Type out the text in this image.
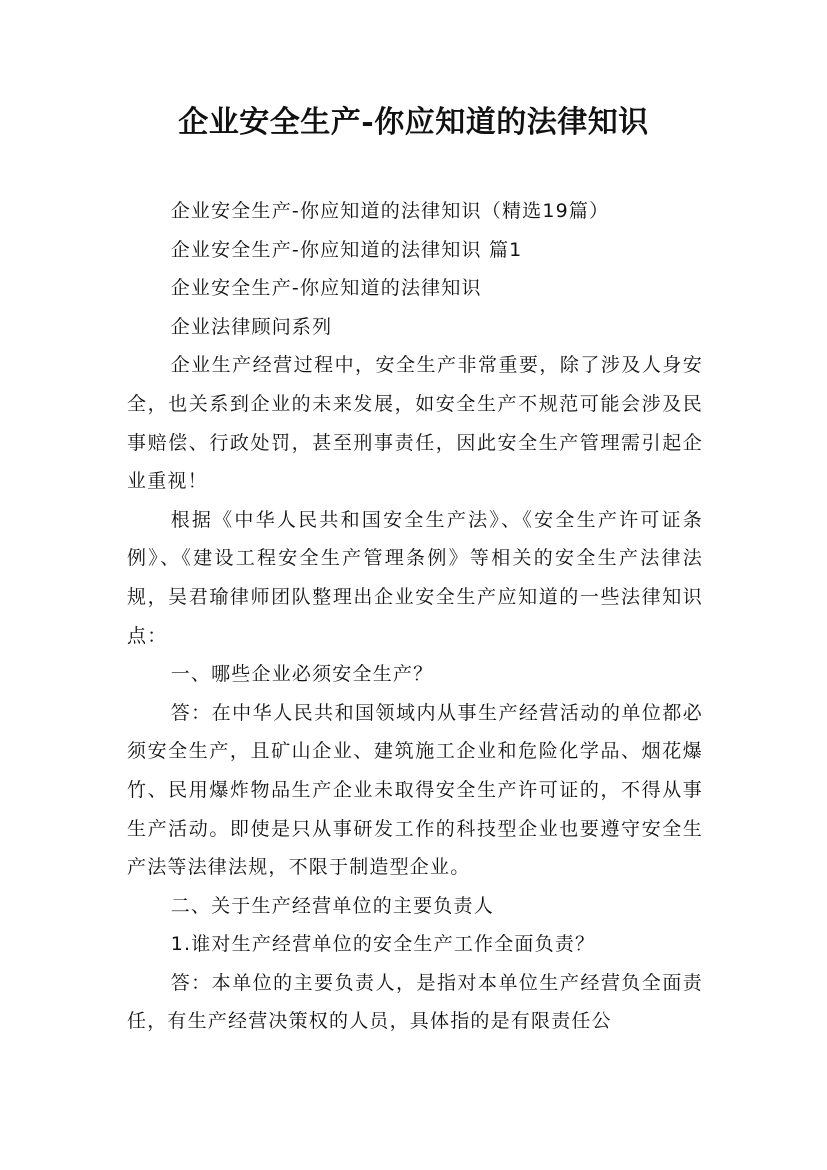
企业安全生产-你应知道的法律知识

企业安全生产-你应知道的法律知识（精选19篇）

企业安全生产-你应知道的法律知识 篇1

企业安全生产-你应知道的法律知识

企业法律顾问系列

企业生产经营过程中，安全生产非常重要，除了涉及人身安全，也关系到企业的未来发展，如安全生产不规范可能会涉及民事赔偿、行政处罚，甚至刑事责任，因此安全生产管理需引起企业重视！

根据《中华人民共和国安全生产法》、《安全生产许可证条例》、《建设工程安全生产管理条例》等相关的安全生产法律法规，吴君瑜律师团队整理出企业安全生产应知道的一些法律知识点：

一、哪些企业必须安全生产？

答：在中华人民共和国领域内从事生产经营活动的单位都必须安全生产，且矿山企业、建筑施工企业和危险化学品、烟花爆竹、民用爆炸物品生产企业未取得安全生产许可证的，不得从事生产活动。即使是只从事研发工作的科技型企业也要遵守安全生产法等法律法规，不限于制造型企业。

二、关于生产经营单位的主要负责人

1.谁对生产经营单位的安全生产工作全面负责？

答：本单位的主要负责人，是指对本单位生产经营负全面责任，有生产经营决策权的人员，具体指的是有限责任公
